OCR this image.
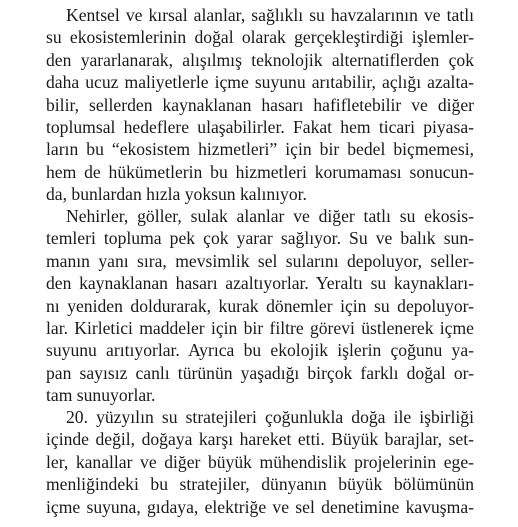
Kentsel ve kırsal alanlar, sağlıklı su havzalarının ve tatlı
su ekosistemlerinin doğal olarak gerçekleştirdiği işlemler-
den yararlanarak, alışılmış teknolojik alternatiflerden çok
daha ucuz maliyetlerle içme suyunu arıtabilir, açlığı azalta-
bilir, sellerden kaynaklanan hasarı hafifletebilir ve diğer
toplumsal hedeflere ulaşabilirler. Fakat hem ticari piyasa-
ların bu “ekosistem hizmetleri” için bir bedel biçmemesi,
hem de hükümetlerin bu hizmetleri korumaması sonucun-
da, bunlardan hızla yoksun kalınıyor.
Nehirler, göller, sulak alanlar ve diğer tatlı su ekosis-
temleri topluma pek çok yarar sağlıyor. Su ve balık sun-
manın yanı sıra, mevsimlik sel sularını depoluyor, seller-
den kaynaklanan hasarı azaltıyorlar. Yeraltı su kaynakları-
nı yeniden doldurarak, kurak dönemler için su depoluyor-
lar. Kirletici maddeler için bir filtre görevi üstlenerek içme
suyunu arıtıyorlar. Ayrıca bu ekolojik işlerin çoğunu ya-
pan sayısız canlı türünün yaşadığı birçok farklı doğal or-
tam sunuyorlar.
20. yüzyılın su stratejileri çoğunlukla doğa ile işbirliği
içinde değil, doğaya karşı hareket etti. Büyük barajlar, set-
ler, kanallar ve diğer büyük mühendislik projelerinin ege-
menliğindeki bu stratejiler, dünyanın büyük bölümünün
içme suyuna, gıdaya, elektriğe ve sel denetimine kavuşma-
